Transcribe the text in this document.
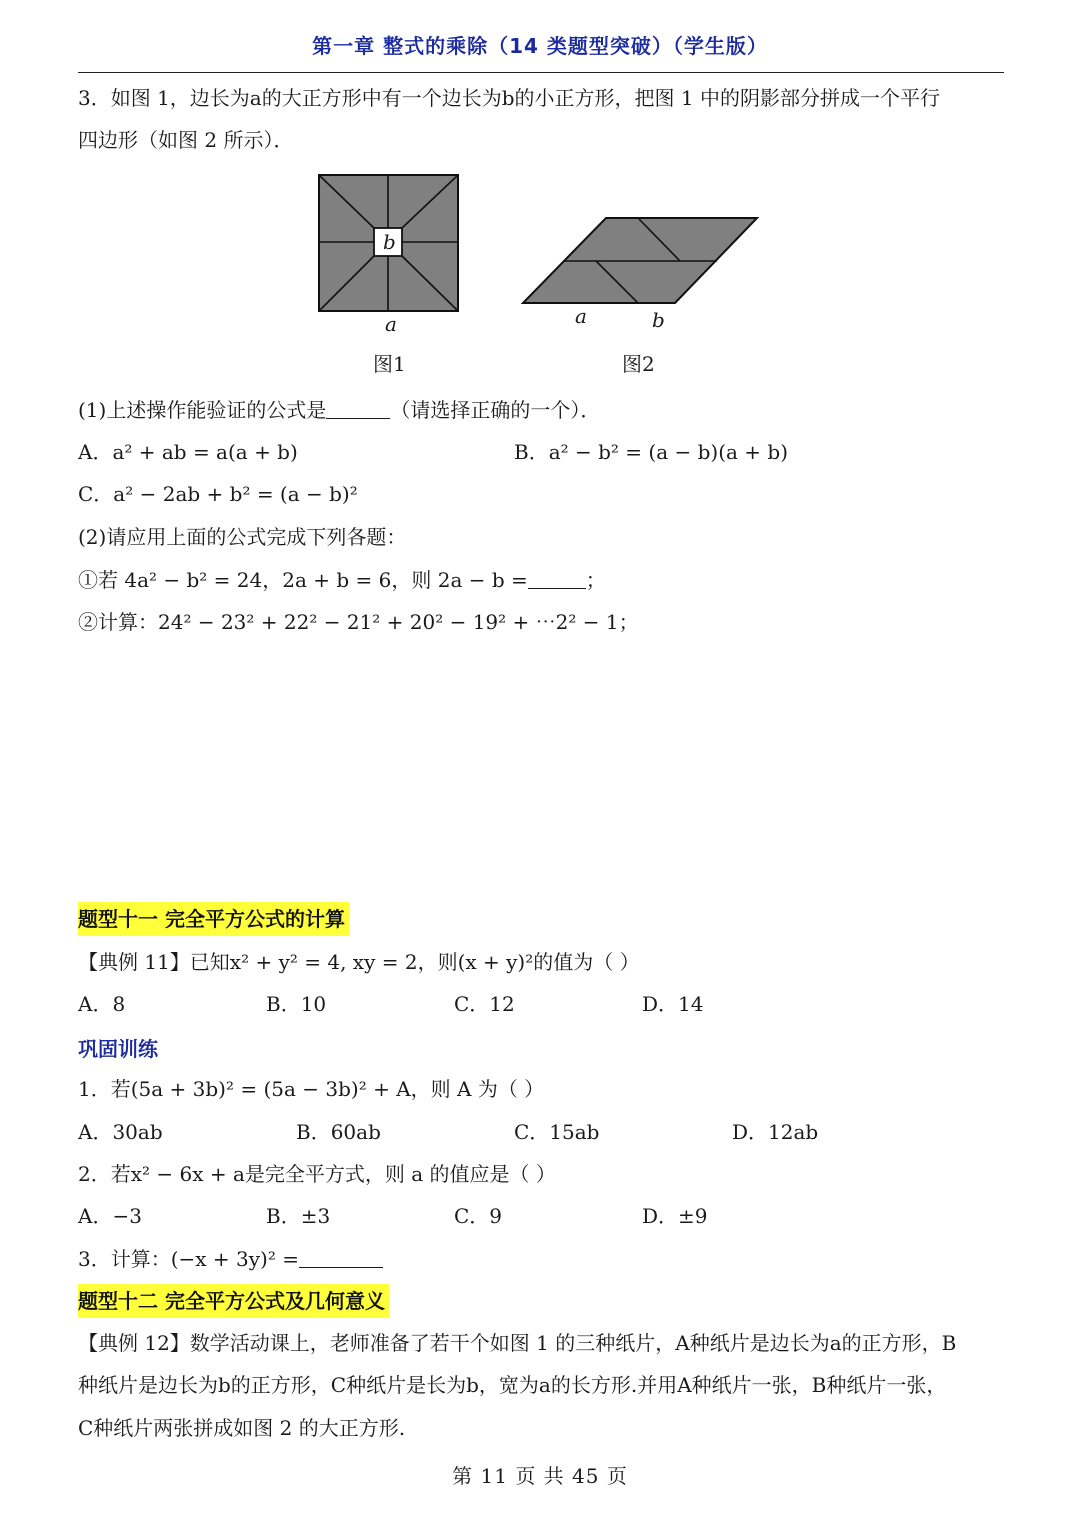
第一章 整式的乘除（14 类题型突破）（学生版）
3．如图 1，边长为a的大正方形中有一个边长为b的小正方形，把图 1 中的阴影部分拼成一个平行
四边形（如图 2 所示）．
b
a
图1
a	b
图2
(1)上述操作能验证的公式是	（请选择正确的一个）．
A．a² + ab = a(a + b)	B．a² − b² = (a − b)(a + b)
C．a² − 2ab + b² = (a − b)²
(2)请应用上面的公式完成下列各题：
①若 4a² − b² = 24，2a + b = 6，则 2a − b =	；
②计算：24² − 23² + 22² − 21² + 20² − 19² + ⋯2² − 1；
题型十一 完全平方公式的计算
【典例 11】已知x² + y² = 4, xy = 2，则(x + y)²的值为（ ）
A．8	B．10	C．12	D．14
巩固训练
1．若(5a + 3b)² = (5a − 3b)² + A，则 A 为（ ）
A．30ab	B．60ab	C．15ab	D．12ab
2．若x² − 6x + a是完全平方式，则 a 的值应是（ ）
A．−3	B．±3	C．9	D．±9
3．计算：(−x + 3y)² =
题型十二 完全平方公式及几何意义
【典例 12】数学活动课上，老师准备了若干个如图 1 的三种纸片，A种纸片是边长为a的正方形，B
种纸片是边长为b的正方形，C种纸片是长为b，宽为a的长方形.并用A种纸片一张，B种纸片一张，
C种纸片两张拼成如图 2 的大正方形.
第 11 页 共 45 页
